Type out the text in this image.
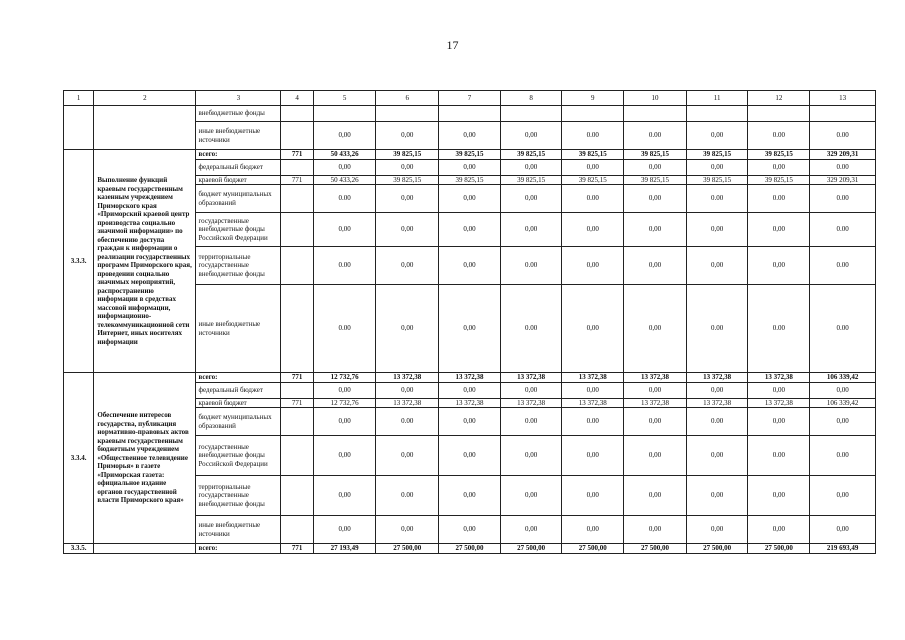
17
1	2	3	4	5	6	7	8	9	10	11	12	13
		внебюджетные фонды										
		иные внебюджетные источники		0,00	0,00	0,00	0,00	0.00	0.00	0,00	0.00	0.00
3.3.3.	Выполнение функций краевым государственным казенным учреждением Приморского края «Приморский краевой центр производства социально значимой информации» по обеспечению доступа граждан к информации о реализации государственных программ Приморского края, проведении социально значимых мероприятий, распространению информации в средствах массовой информации, информационно-телекоммуникационной сети Интернет, иных носителях информации	всего:	771	50 433,26	39 825,15	39 825,15	39 825,15	39 825,15	39 825,15	39 825,15	39 825,15	329 209,31
		федеральный бюджет		0,00	0,00	0,00	0,00	0,00	0,00	0,00	0,00	0.00
		краевой бюджет	771	50 433,26	39 825,15	39 825,15	39 825,15	39 825,15	39 825,15	39 825,15	39 825,15	329 209,31
		бюджет муниципальных образований		0.00	0,00	0,00	0,00	0.00	0,00	0.00	0.00	0.00
		государственные внебюджетные фонды Российской Федерации		0,00	0,00	0,00	0,00	0,00	0,00	0,00	0,00	0.00
		территориальные государственные внебюджетные фонды		0.00	0,00	0,00	0.00	0,00	0,00	0,00	0,00	0.00
		иные внебюджетные источники		0.00	0,00	0,00	0.00	0,00	0,00	0.00	0.00	0.00
3.3.4.	Обеспечение интересов государства, публикация нормативно-правовых актов краевым государственным бюджетным учреждением «Общественное телевидение Приморья» в газете «Приморская газета: официальное издание органов государственной власти Приморского края»	всего:	771	12 732,76	13 372,38	13 372,38	13 372,38	13 372,38	13 372,38	13 372,38	13 372,38	106 339,42
		федеральный бюджет		0,00	0,00	0,00	0,00	0,00	0,00	0,00	0,00	0,00
		краевой бюджет	771	12 732,76	13 372,38	13 372,38	13 372,38	13 372,38	13 372,38	13 372,38	13 372,38	106 339,42
		бюджет муниципальных образований		0,00	0.00	0,00	0.00	0.00	0,00	0.00	0,00	0,00
		государственные внебюджетные фонды Российской Федерации		0,00	0,00	0,00	0,00	0,00	0,00	0,00	0.00	0.00
		территориальные государственные внебюджетные фонды		0,00	0.00	0,00	0,00	0,00	0,00	0,00	0,00	0,00
		иные внебюджетные источники		0,00	0,00	0,00	0,00	0,00	0,00	0,00	0,00	0,00
3.3.5.		всего:	771	27 193,49	27 500,00	27 500,00	27 500,00	27 500,00	27 500,00	27 500,00	27 500,00	219 693,49
